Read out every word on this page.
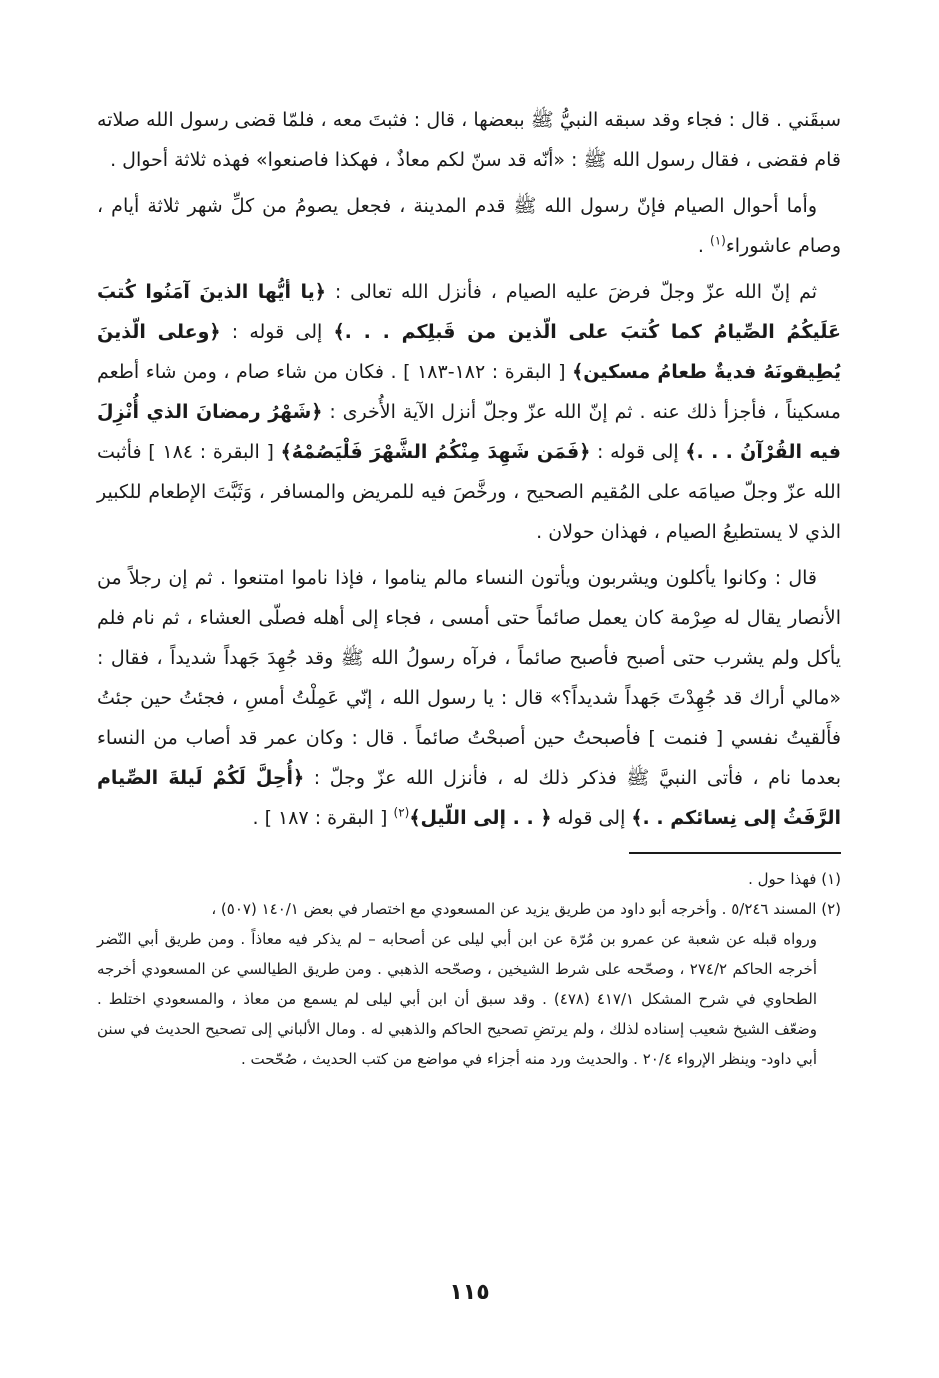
سبقَني . قال : فجاء وقد سبقه النبيُّ ﷺ ببعضها ، قال : فثبتَ معه ، فلمّا قضى رسول الله صلاته قام فقضى ، فقال رسول الله ﷺ : «أنّه قد سنّ لكم معاذٌ ، فهكذا فاصنعوا» فهذه ثلاثة أحوال .

وأما أحوال الصيام فإنّ رسول الله ﷺ قدم المدينة ، فجعل يصومُ من كلِّ شهر ثلاثة أيام ، وصام عاشوراء$^{(١)}$ .

ثم إنّ الله عزّ وجلّ فرضَ عليه الصيام ، فأنزل الله تعالى : ﴿يا أيُّها الذينَ آمَنُوا كُتبَ عَلَيكُمُ الصِّيامُ كما كُتبَ على الّذين من قَبلِكم . . .﴾ إلى قوله : ﴿وعلى الّذينَ يُطِيقونَهُ فديةٌ طعامُ مسكين﴾ [ البقرة : ١٨٢-١٨٣ ] . فكان من شاء صام ، ومن شاء أطعم مسكيناً ، فأجزأ ذلك عنه . ثم إنّ الله عزّ وجلّ أنزل الآية الأُخرى : ﴿شَهْرُ رمضانَ الذي أُنْزِلَ فيه القُرْآنُ . . .﴾ إلى قوله : ﴿فَمَن شَهِدَ مِنْكُمُ الشَّهْرَ فَلْيَصُمْهُ﴾ [ البقرة : ١٨٤ ] فأثبت الله عزّ وجلّ صيامَه على المُقيم الصحيح ، ورخَّصَ فيه للمريض والمسافر ، وَثَبَّتَ الإطعام للكبير الذي لا يستطيعُ الصيام ، فهذان حولان .

قال : وكانوا يأكلون ويشربون ويأتون النساء مالم يناموا ، فإذا ناموا امتنعوا . ثم إن رجلاً من الأنصار يقال له صِرْمة كان يعمل صائماً حتى أمسى ، فجاء إلى أهله فصلّى العشاء ، ثم نام فلم يأكل ولم يشرب حتى أصبح فأصبح صائماً ، فرآه رسولُ الله ﷺ وقد جُهِدَ جَهداً شديداً ، فقال : «مالي أراك قد جُهِدْتَ جَهداً شديداً؟» قال : يا رسول الله ، إنّي عَمِلْتُ أمسِ ، فجئتُ حين جئتُ فأَلقيتُ نفسي [ فنمت ] فأصبحتُ حين أصبحْتُ صائماً . قال : وكان عمر قد أصاب من النساء بعدما نام ، فأتى النبيَّ ﷺ فذكر ذلك له ، فأنزل الله عزّ وجلّ : ﴿أُحِلَّ لَكُمْ لَيلةَ الصِّيام الرَّفَثُ إلى نِسائكم . .﴾ إلى قوله ﴿ . . إلى اللّيل﴾$^{(٢)}$ [ البقرة : ١٨٧ ] .

(١) فهذا حول .

(٢) المسند ٥/٢٤٦ . وأخرجه أبو داود من طريق يزيد عن المسعودي مع اختصار في بعض ١٤٠/١ (٥٠٧) ،

ورواه قبله عن شعبة عن عمرو بن مُرّة عن ابن أبي ليلى عن أصحابه – لم يذكر فيه معاذاً . ومن طريق أبي النّضر أخرجه الحاكم ٢٧٤/٢ ، وصحّحه على شرط الشيخين ، وصحّحه الذهبي . ومن طريق الطيالسي عن المسعودي أخرجه الطحاوي في شرح المشكل ٤١٧/١ (٤٧٨) . وقد سبق أن ابن أبي ليلى لم يسمع من معاذ ، والمسعودي اختلط . وضعّف الشيخ شعيب إسناده لذلك ، ولم يرتضِ تصحيح الحاكم والذهبي له . ومال الألباني إلى تصحيح الحديث في سنن أبي داود- وينظر الإرواء ٢٠/٤ . والحديث ورد منه أجزاء في مواضع من كتب الحديث ، صُحّحت .

١١٥
